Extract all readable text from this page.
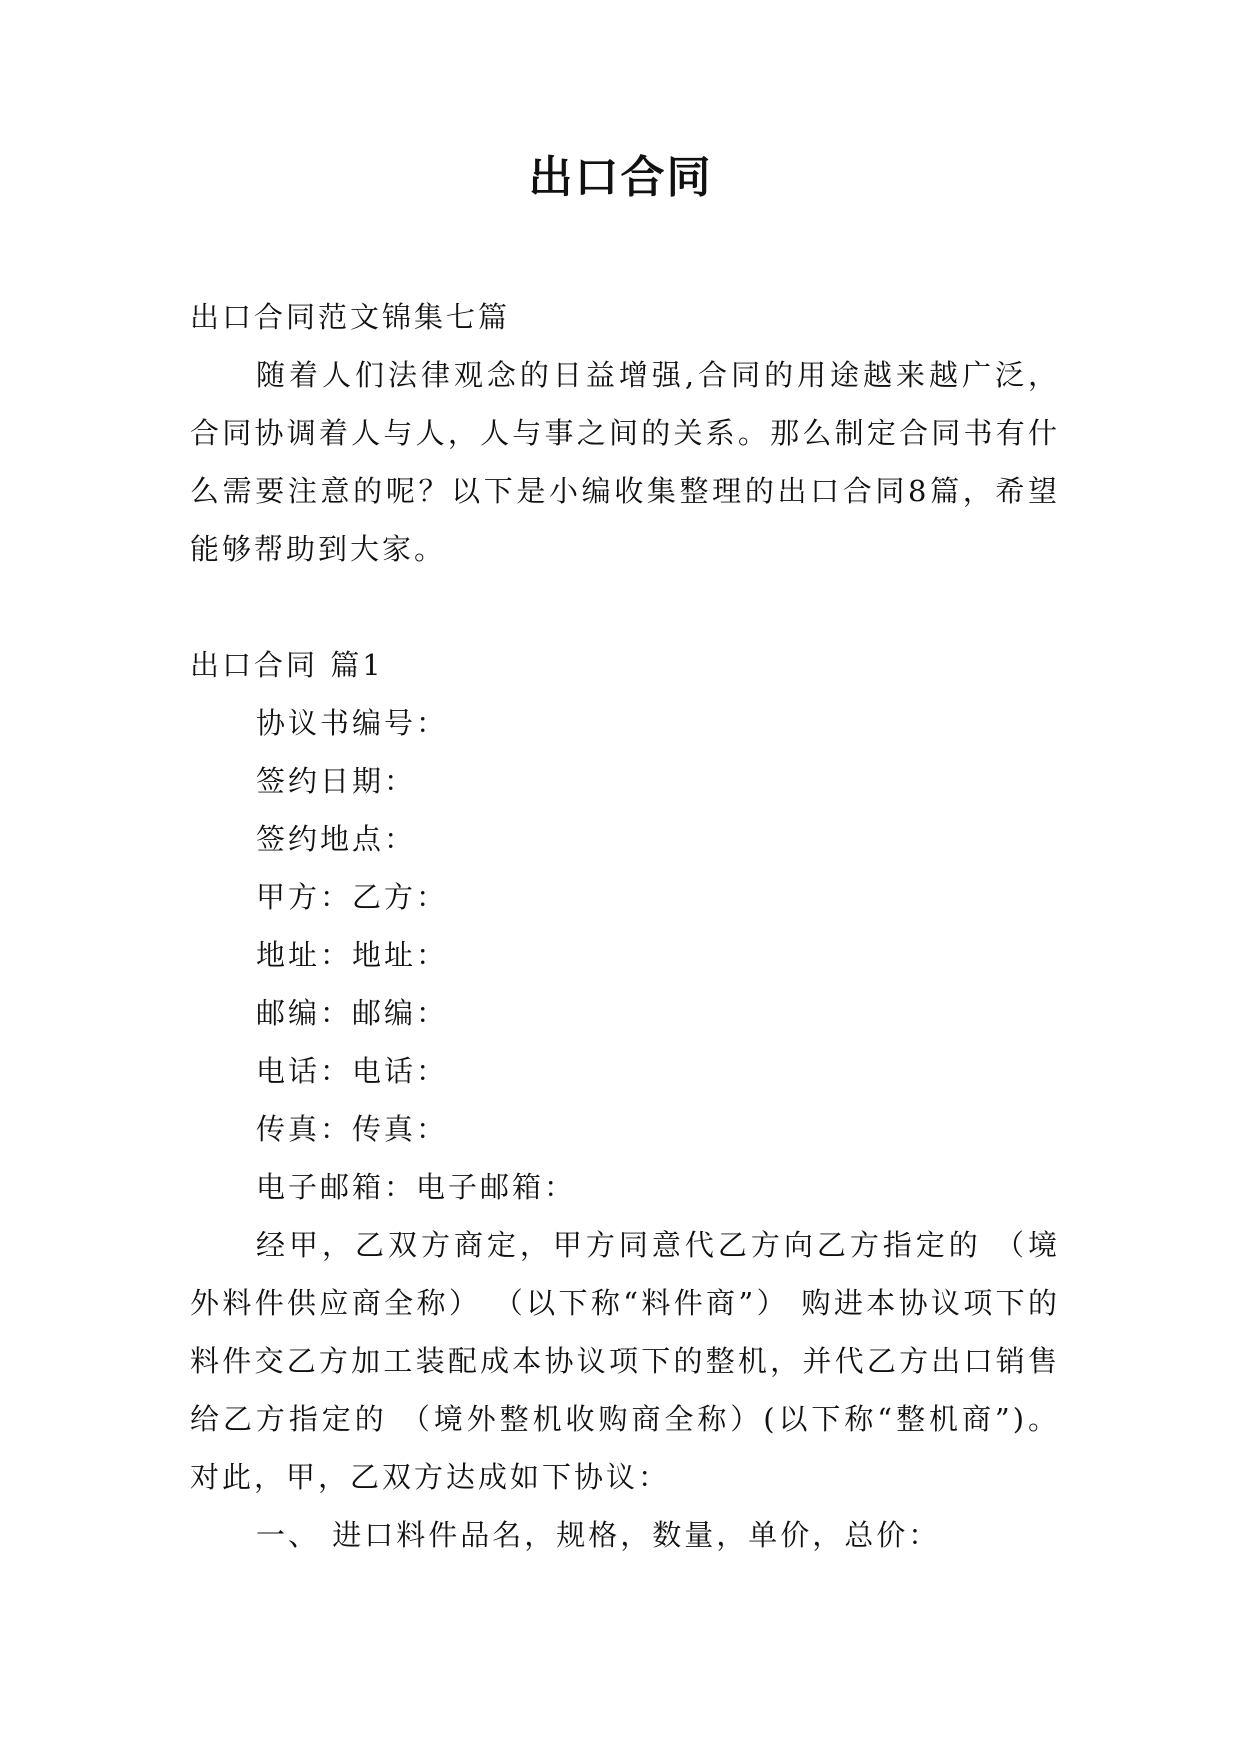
出口合同
出口合同范文锦集七篇

随着人们法律观念的日益增强,合同的用途越来越广泛，合同协调着人与人，人与事之间的关系。那么制定合同书有什么需要注意的呢？以下是小编收集整理的出口合同8篇，希望能够帮助到大家。

出口合同 篇1
协议书编号：
签约日期：
签约地点：
甲方：乙方：
地址：地址：
邮编：邮编：
电话：电话：
传真：传真：
电子邮箱：电子邮箱：

经甲，乙双方商定，甲方同意代乙方向乙方指定的 （境外料件供应商全称） （以下称“料件商”） 购进本协议项下的料件交乙方加工装配成本协议项下的整机，并代乙方出口销售给乙方指定的 （境外整机收购商全称）(以下称“整机商”)。对此，甲，乙双方达成如下协议：

一、 进口料件品名，规格，数量，单价，总价：
